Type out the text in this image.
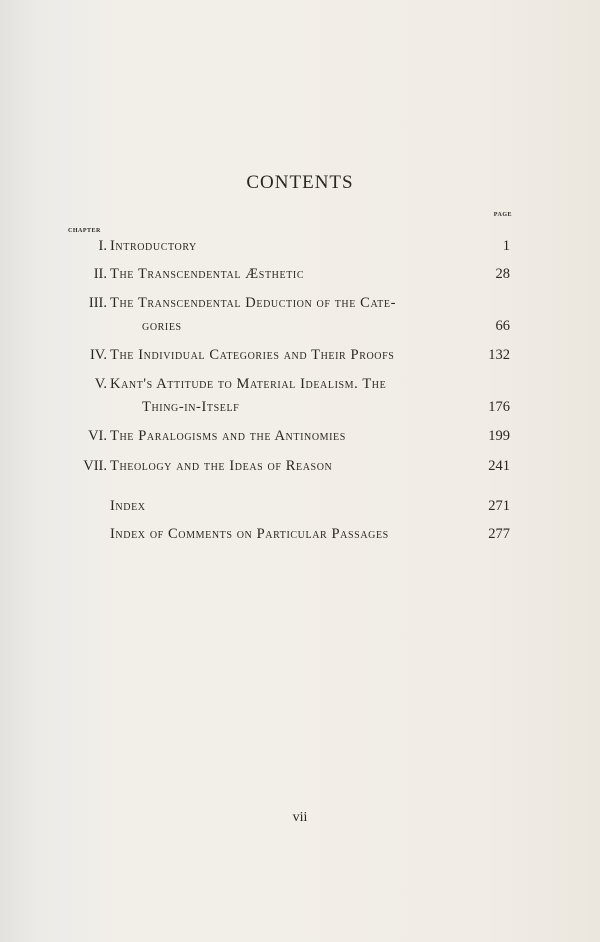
CONTENTS
PAGE
CHAPTER
I. Introductory	1
II. The Transcendental Æsthetic	28
III. The Transcendental Deduction of the Cate-
gories	66
IV. The Individual Categories and Their Proofs	132
V. Kant's Attitude to Material Idealism. The
Thing-in-Itself	176
VI. The Paralogisms and the Antinomies	199
VII. Theology and the Ideas of Reason	241
Index	271
Index of Comments on Particular Passages	277
vii
